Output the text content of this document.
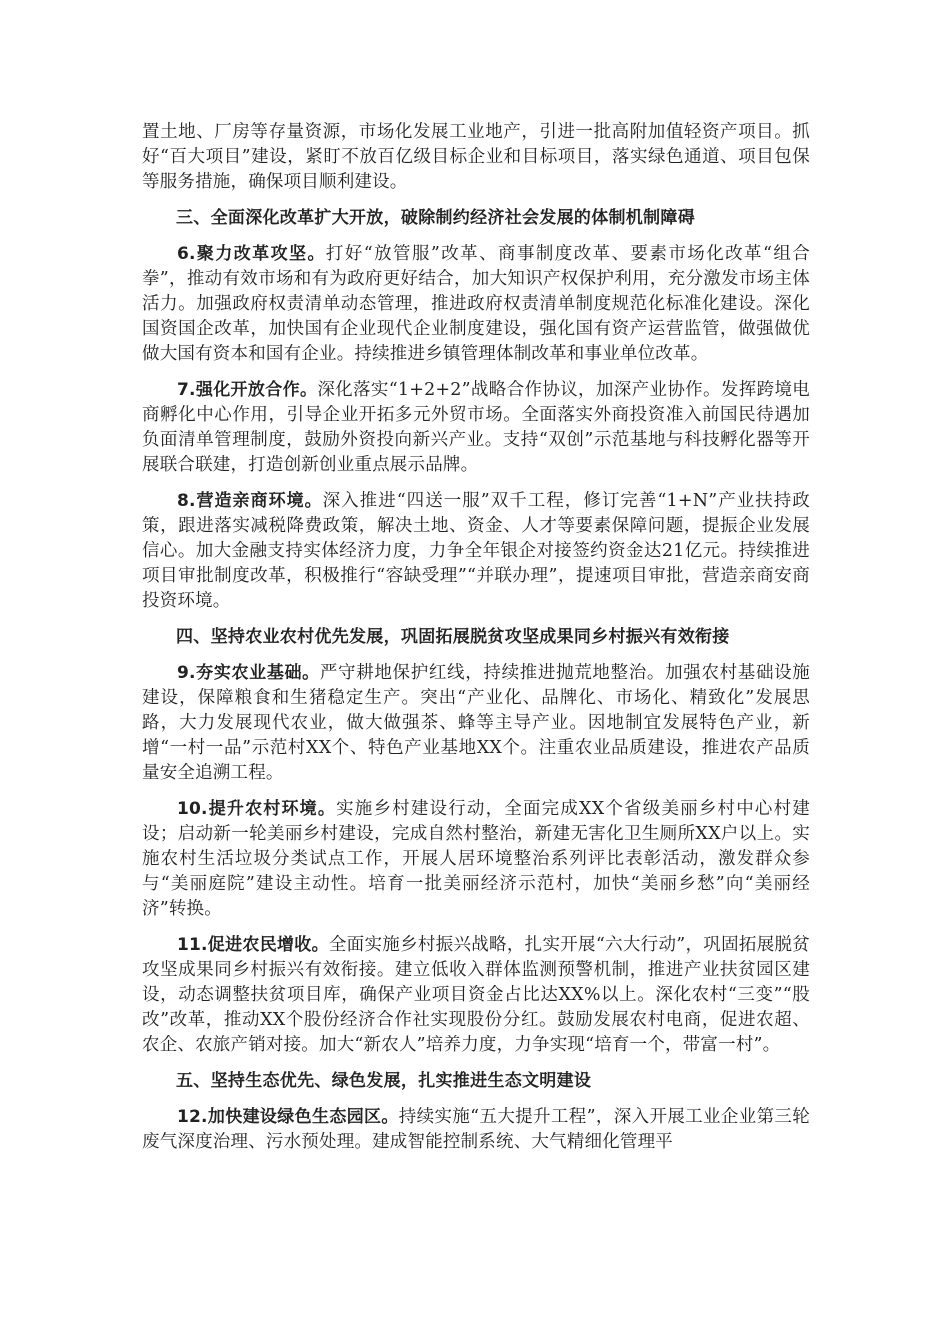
置土地、厂房等存量资源，市场化发展工业地产，引进一批高附加值轻资产项目。抓好“百大项目”建设，紧盯不放百亿级目标企业和目标项目，落实绿色通道、项目包保等服务措施，确保项目顺利建设。

三、全面深化改革扩大开放，破除制约经济社会发展的体制机制障碍

6.聚力改革攻坚。打好“放管服”改革、商事制度改革、要素市场化改革“组合拳”，推动有效市场和有为政府更好结合，加大知识产权保护利用，充分激发市场主体活力。加强政府权责清单动态管理，推进政府权责清单制度规范化标准化建设。深化国资国企改革，加快国有企业现代企业制度建设，强化国有资产运营监管，做强做优做大国有资本和国有企业。持续推进乡镇管理体制改革和事业单位改革。

7.强化开放合作。深化落实“1+2+2”战略合作协议，加深产业协作。发挥跨境电商孵化中心作用，引导企业开拓多元外贸市场。全面落实外商投资准入前国民待遇加负面清单管理制度，鼓励外资投向新兴产业。支持“双创”示范基地与科技孵化器等开展联合联建，打造创新创业重点展示品牌。

8.营造亲商环境。深入推进“四送一服”双千工程，修订完善“1+N”产业扶持政策，跟进落实减税降费政策，解决土地、资金、人才等要素保障问题，提振企业发展信心。加大金融支持实体经济力度，力争全年银企对接签约资金达21亿元。持续推进项目审批制度改革，积极推行“容缺受理”“并联办理”，提速项目审批，营造亲商安商投资环境。

四、坚持农业农村优先发展，巩固拓展脱贫攻坚成果同乡村振兴有效衔接

9.夯实农业基础。严守耕地保护红线，持续推进抛荒地整治。加强农村基础设施建设，保障粮食和生猪稳定生产。突出“产业化、品牌化、市场化、精致化”发展思路，大力发展现代农业，做大做强茶、蜂等主导产业。因地制宜发展特色产业，新增“一村一品”示范村XX个、特色产业基地XX个。注重农业品质建设，推进农产品质量安全追溯工程。

10.提升农村环境。实施乡村建设行动，全面完成XX个省级美丽乡村中心村建设；启动新一轮美丽乡村建设，完成自然村整治，新建无害化卫生厕所XX户以上。实施农村生活垃圾分类试点工作，开展人居环境整治系列评比表彰活动，激发群众参与“美丽庭院”建设主动性。培育一批美丽经济示范村，加快“美丽乡愁”向“美丽经济”转换。

11.促进农民增收。全面实施乡村振兴战略，扎实开展“六大行动”，巩固拓展脱贫攻坚成果同乡村振兴有效衔接。建立低收入群体监测预警机制，推进产业扶贫园区建设，动态调整扶贫项目库，确保产业项目资金占比达XX%以上。深化农村“三变”“股改”改革，推动XX个股份经济合作社实现股份分红。鼓励发展农村电商，促进农超、农企、农旅产销对接。加大“新农人”培养力度，力争实现“培育一个，带富一村”。

五、坚持生态优先、绿色发展，扎实推进生态文明建设

12.加快建设绿色生态园区。持续实施“五大提升工程”，深入开展工业企业第三轮废气深度治理、污水预处理。建成智能控制系统、大气精细化管理平
